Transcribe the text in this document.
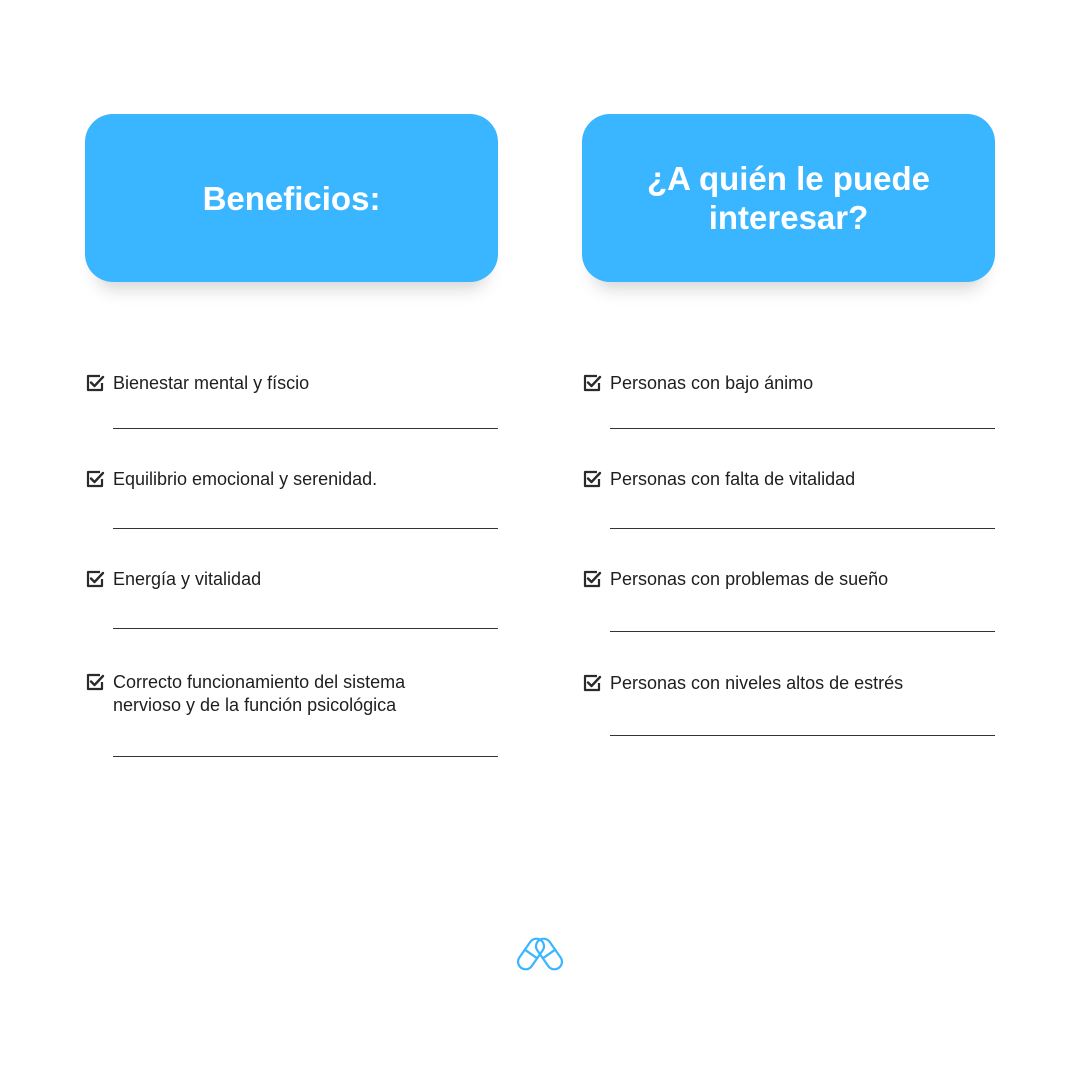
Beneficios:
Bienestar mental y físcio
Equilibrio emocional y serenidad.
Energía y vitalidad
Correcto funcionamiento del sistema
nervioso y de la función psicológica
¿A quién le puede interesar?
Personas con bajo ánimo
Personas con falta de vitalidad
Personas con problemas de sueño
Personas con niveles altos de estrés
